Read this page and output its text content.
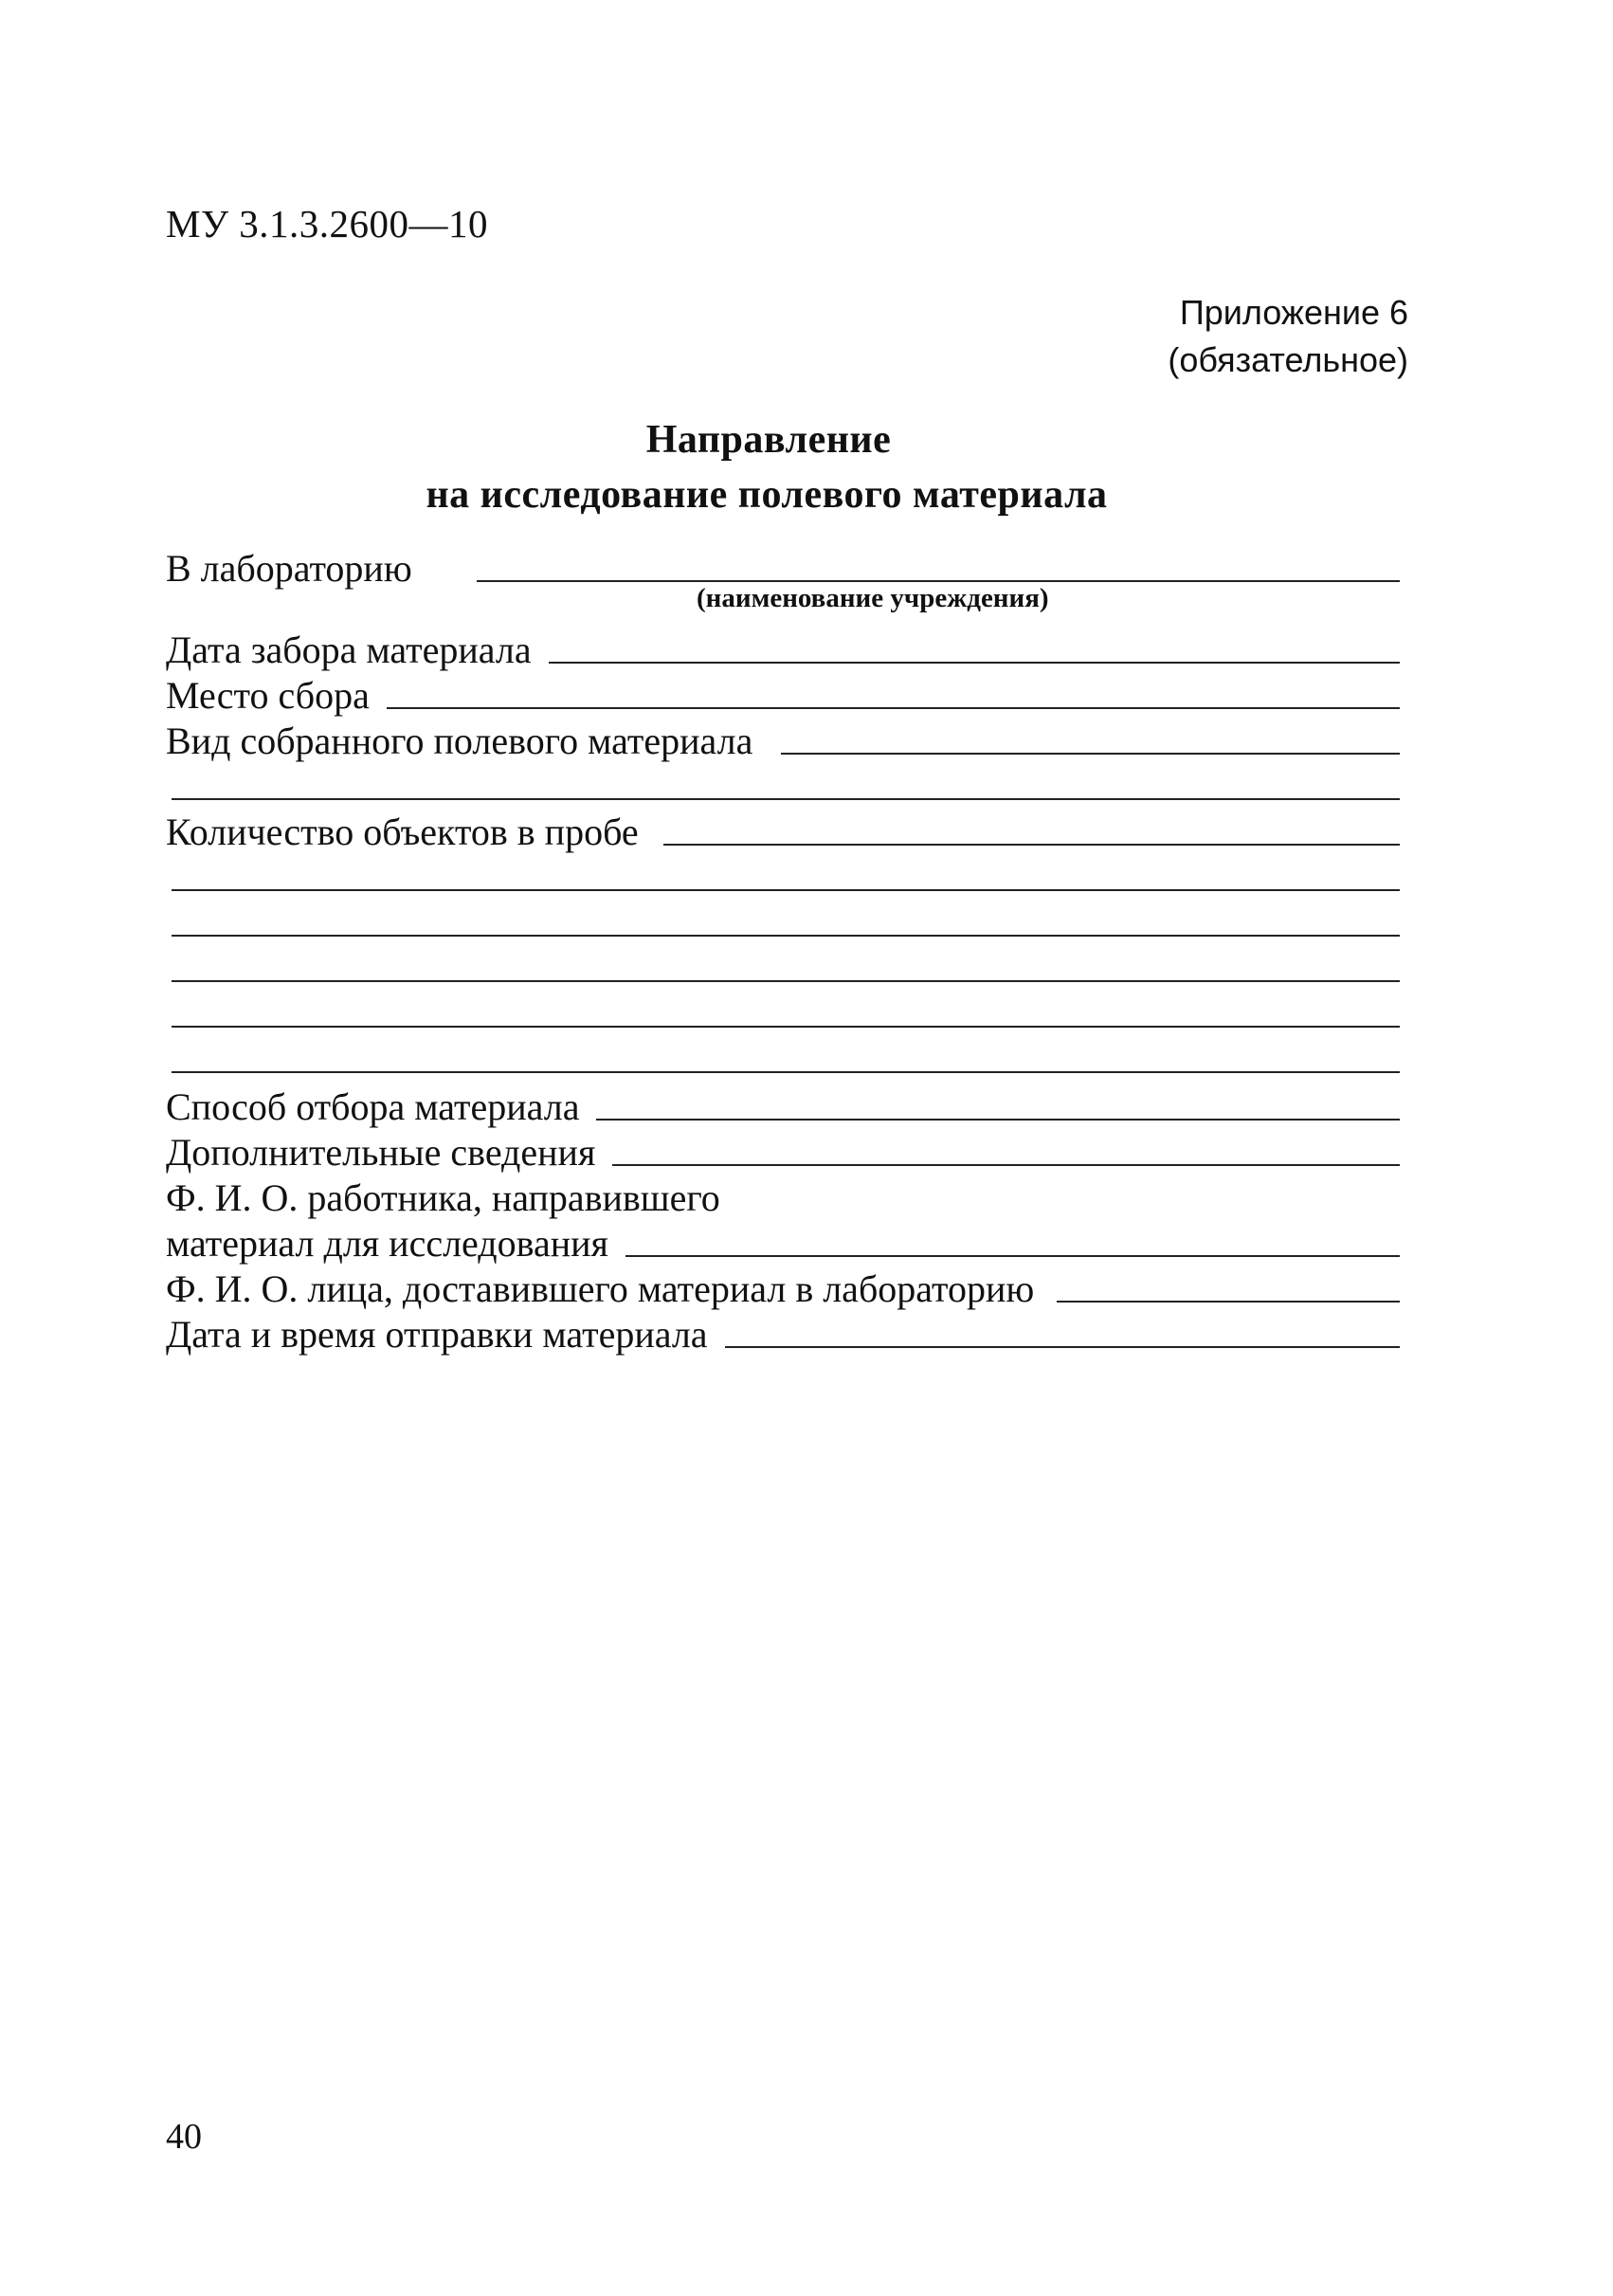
МУ 3.1.3.2600—10
Приложение 6
(обязательное)
Направление
на исследование полевого материала
В лабораторию
(наименование учреждения)
Дата забора материала
Место сбора
Вид собранного полевого материала
Количество объектов в пробе
Способ отбора материала
Дополнительные сведения
Ф. И. О. работника, направившего
материал для исследования
Ф. И. О. лица, доставившего материал в лабораторию
Дата и время отправки материала
40
